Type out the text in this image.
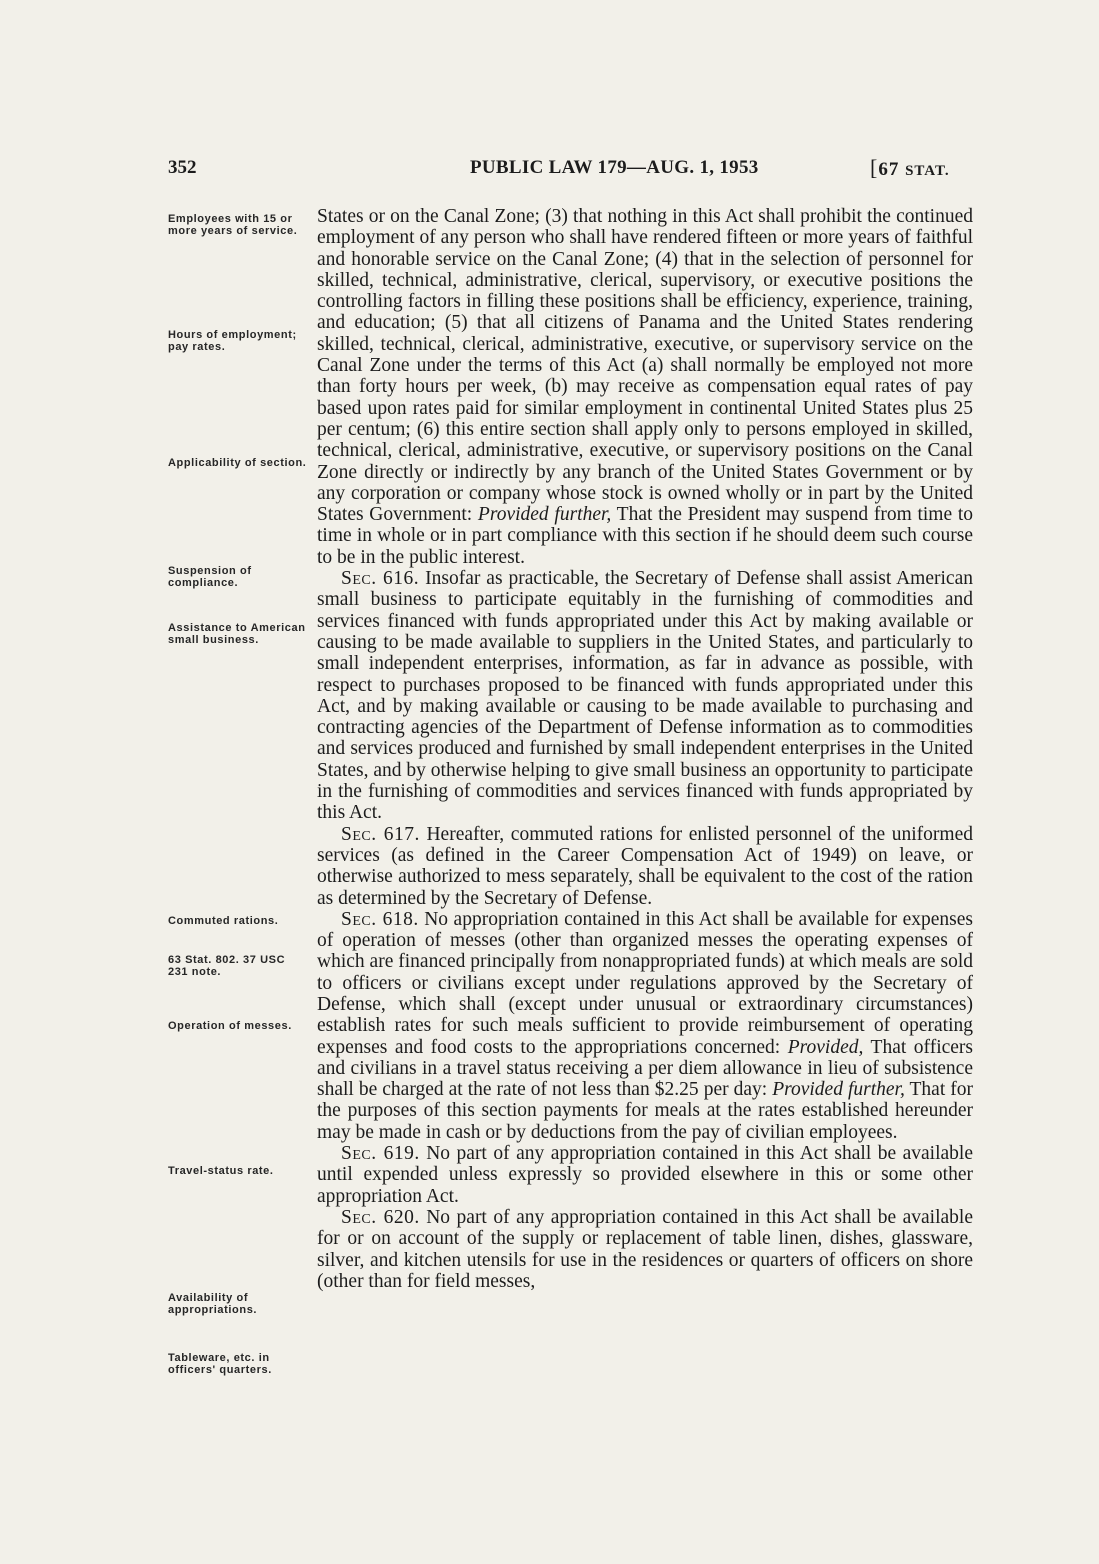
352	PUBLIC LAW 179—AUG. 1, 1953	[67 STAT.
Employees with 15 or more years of service.
Hours of employment; pay rates.
Applicability of section.
Suspension of compliance.
Assistance to American small business.
Commuted rations.
63 Stat. 802. 37 USC 231 note.
Operation of messes.
Travel-status rate.
Availability of appropriations.
Tableware, etc. in officers' quarters.

States or on the Canal Zone; (3) that nothing in this Act shall prohibit the continued employment of any person who shall have rendered fifteen or more years of faithful and honorable service on the Canal Zone; (4) that in the selection of personnel for skilled, technical, administrative, clerical, supervisory, or executive positions the controlling factors in filling these positions shall be efficiency, experience, training, and education; (5) that all citizens of Panama and the United States rendering skilled, technical, clerical, administrative, executive, or supervisory service on the Canal Zone under the terms of this Act (a) shall normally be employed not more than forty hours per week, (b) may receive as compensation equal rates of pay based upon rates paid for similar employment in continental United States plus 25 per centum; (6) this entire section shall apply only to persons employed in skilled, technical, clerical, administrative, executive, or supervisory positions on the Canal Zone directly or indirectly by any branch of the United States Government or by any corporation or company whose stock is owned wholly or in part by the United States Government: Provided further, That the President may suspend from time to time in whole or in part compliance with this section if he should deem such course to be in the public interest.

Sec. 616. Insofar as practicable, the Secretary of Defense shall assist American small business to participate equitably in the furnishing of commodities and services financed with funds appropriated under this Act by making available or causing to be made available to suppliers in the United States, and particularly to small independent enterprises, information, as far in advance as possible, with respect to purchases proposed to be financed with funds appropriated under this Act, and by making available or causing to be made available to purchasing and contracting agencies of the Department of Defense information as to commodities and services produced and furnished by small independent enterprises in the United States, and by otherwise helping to give small business an opportunity to participate in the furnishing of commodities and services financed with funds appropriated by this Act.

Sec. 617. Hereafter, commuted rations for enlisted personnel of the uniformed services (as defined in the Career Compensation Act of 1949) on leave, or otherwise authorized to mess separately, shall be equivalent to the cost of the ration as determined by the Secretary of Defense.

Sec. 618. No appropriation contained in this Act shall be available for expenses of operation of messes (other than organized messes the operating expenses of which are financed principally from nonappropriated funds) at which meals are sold to officers or civilians except under regulations approved by the Secretary of Defense, which shall (except under unusual or extraordinary circumstances) establish rates for such meals sufficient to provide reimbursement of operating expenses and food costs to the appropriations concerned: Provided, That officers and civilians in a travel status receiving a per diem allowance in lieu of subsistence shall be charged at the rate of not less than $2.25 per day: Provided further, That for the purposes of this section payments for meals at the rates established hereunder may be made in cash or by deductions from the pay of civilian employees.

Sec. 619. No part of any appropriation contained in this Act shall be available until expended unless expressly so provided elsewhere in this or some other appropriation Act.

Sec. 620. No part of any appropriation contained in this Act shall be available for or on account of the supply or replacement of table linen, dishes, glassware, silver, and kitchen utensils for use in the residences or quarters of officers on shore (other than for field messes,
